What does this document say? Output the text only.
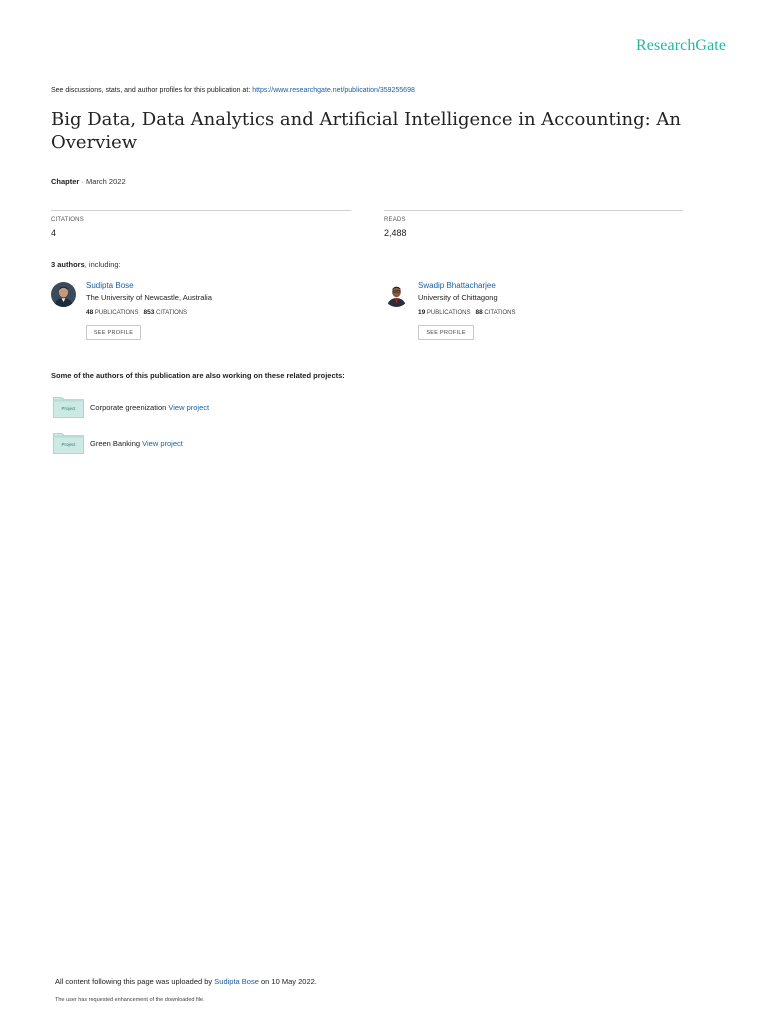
ResearchGate
See discussions, stats, and author profiles for this publication at: https://www.researchgate.net/publication/359255698
Big Data, Data Analytics and Artificial Intelligence in Accounting: An Overview
Chapter · March 2022
CITATIONS
4
READS
2,488
3 authors, including:
Sudipta Bose
The University of Newcastle, Australia
48 PUBLICATIONS 853 CITATIONS
SEE PROFILE
Swadip Bhattacharjee
University of Chittagong
19 PUBLICATIONS 88 CITATIONS
SEE PROFILE
Some of the authors of this publication are also working on these related projects:
Project	Corporate greenization View project
Project	Green Banking View project
All content following this page was uploaded by Sudipta Bose on 10 May 2022.
The user has requested enhancement of the downloaded file.
